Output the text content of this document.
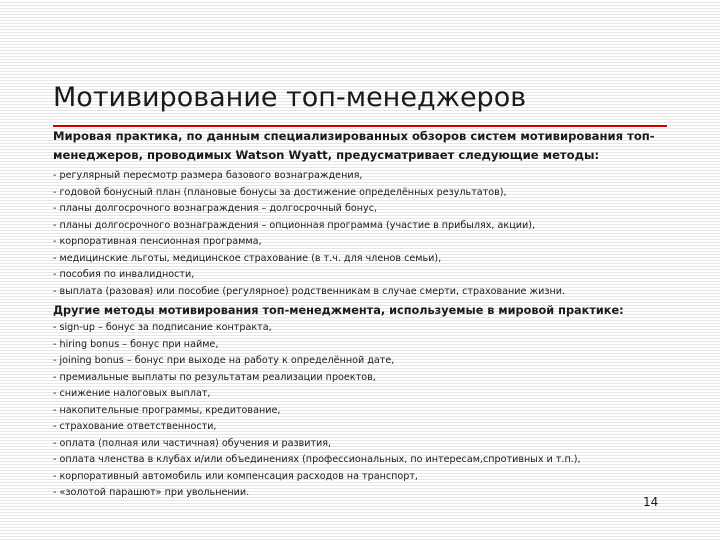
Мотивирование топ-менеджеров

Мировая практика, по данным специализированных обзоров систем мотивирования топ-менеджеров, проводимых Watson Wyatt, предусматривает следующие методы:

- регулярный пересмотр размера базового вознаграждения,
- годовой бонусный план (плановые бонусы за достижение определённых результатов),
- планы долгосрочного вознаграждения – долгосрочный бонус,
- планы долгосрочного вознаграждения – опционная программа (участие в прибылях, акции),
- корпоративная пенсионная программа,
- медицинские льготы, медицинское страхование (в т.ч. для членов семьи),
- пособия по инвалидности,
- выплата (разовая) или пособие (регулярное) родственникам в случае смерти, страхование жизни.

Другие методы мотивирования топ-менеджмента, используемые в мировой практике:

- sign-up – бонус за подписание контракта,
- hiring bonus – бонус при найме,
- joining bonus – бонус при выходе на работу к определённой дате,
- премиальные выплаты по результатам реализации проектов,
- снижение налоговых выплат,
- накопительные программы, кредитование,
- страхование ответственности,
- оплата (полная или частичная) обучения и развития,
- оплата членства в клубах и/или объединениях (профессиональных, по интересам,спротивных и т.п.),
- корпоративный автомобиль или компенсация расходов на транспорт,
- «золотой парашют» при увольнении.
14
